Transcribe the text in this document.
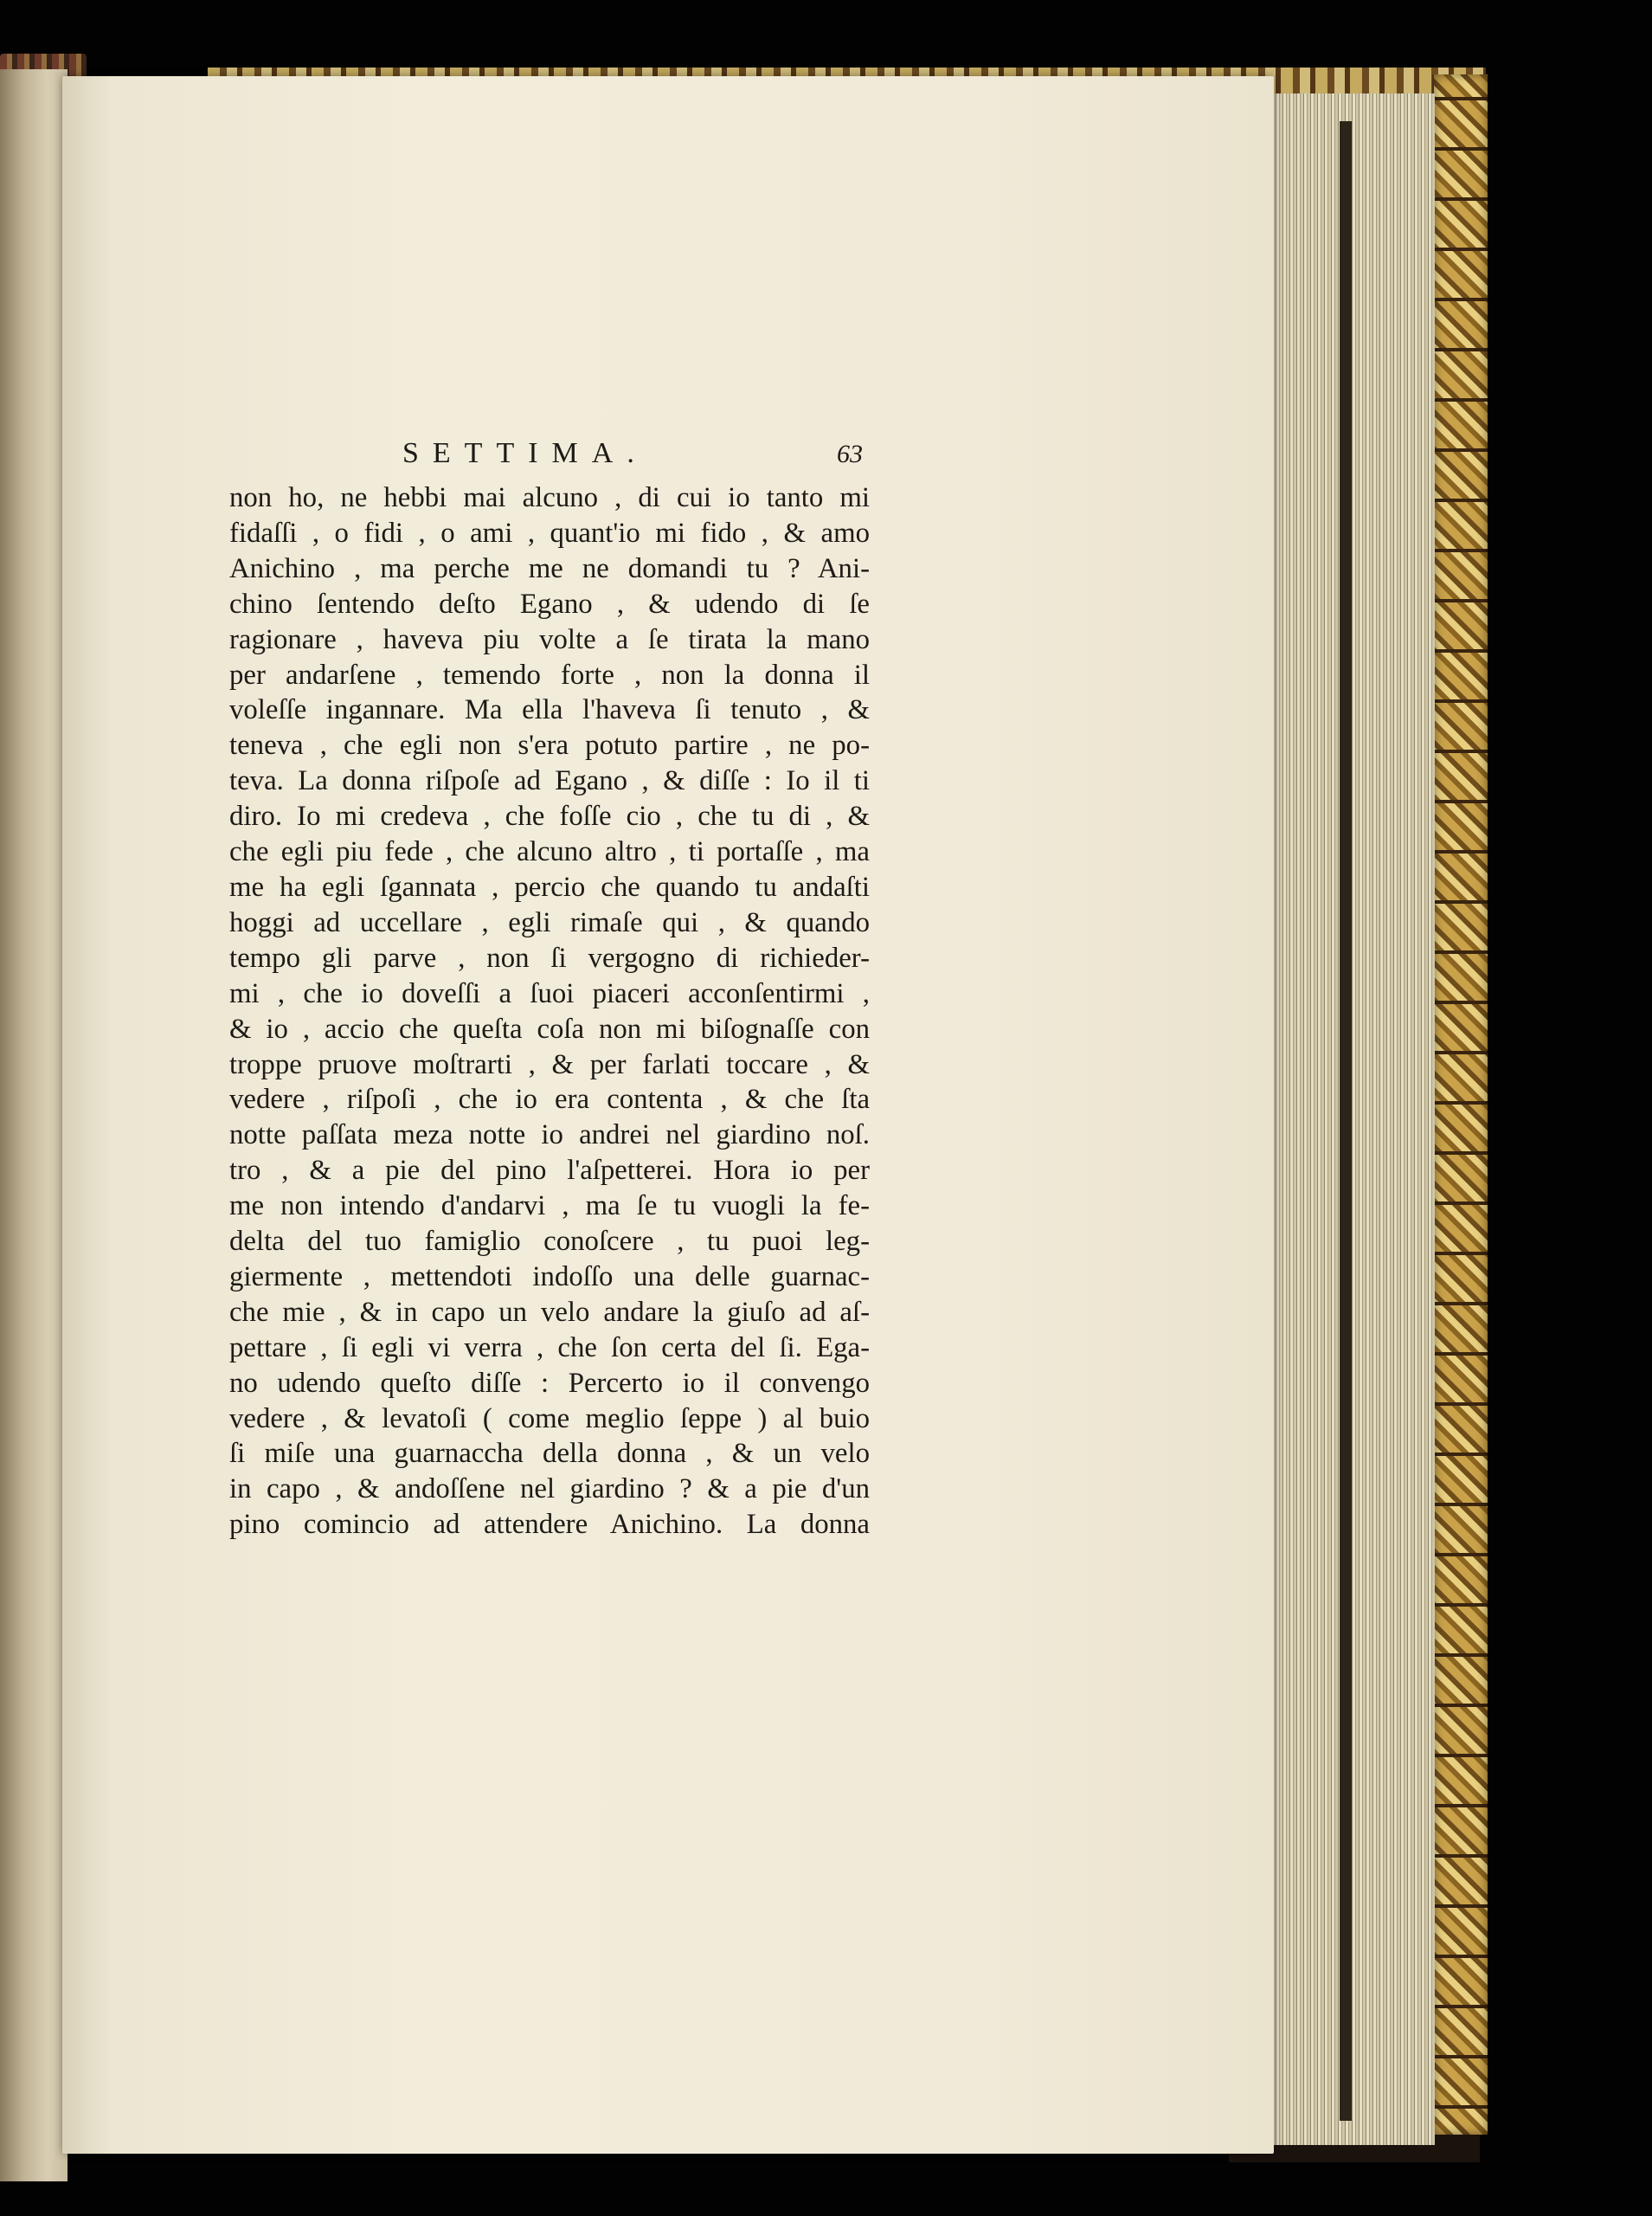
SETTIMA.	63
non ho, ne hebbi mai alcuno , di cui io tanto mi
fidaſſi , o fidi , o ami , quant'io mi fido , & amo
Anichino , ma perche me ne domandi tu ? Ani-
chino ſentendo deſto Egano , & udendo di ſe
ragionare , haveva piu volte a ſe tirata la mano
per andarſene , temendo forte , non la donna il
voleſſe ingannare. Ma ella l'haveva ſi tenuto , &
teneva , che egli non s'era potuto partire , ne po-
teva. La donna riſpoſe ad Egano , & diſſe : Io il ti
diro. Io mi credeva , che foſſe cio , che tu di , &
che egli piu fede , che alcuno altro , ti portaſſe , ma
me ha egli ſgannata , percio che quando tu andaſti
hoggi ad uccellare , egli rimaſe qui , & quando
tempo gli parve , non ſi vergogno di richieder-
mi , che io doveſſi a ſuoi piaceri acconſentirmi ,
& io , accio che queſta coſa non mi biſognaſſe con
troppe pruove moſtrarti , & per farlati toccare , &
vedere , riſpoſi , che io era contenta , & che ſta
notte paſſata meza notte io andrei nel giardino noſ.
tro , & a pie del pino l'aſpetterei. Hora io per
me non intendo d'andarvi , ma ſe tu vuogli la fe-
delta del tuo famiglio conoſcere , tu puoi leg-
giermente , mettendoti indoſſo una delle guarnac-
che mie , & in capo un velo andare la giuſo ad aſ-
pettare , ſi egli vi verra , che ſon certa del ſi. Ega-
no udendo queſto diſſe : Percerto io il convengo
vedere , & levatoſi ( come meglio ſeppe ) al buio
ſi miſe una guarnaccha della donna , & un velo
in capo , & andoſſene nel giardino ? & a pie d'un
pino comincio ad attendere Anichino. La donna
